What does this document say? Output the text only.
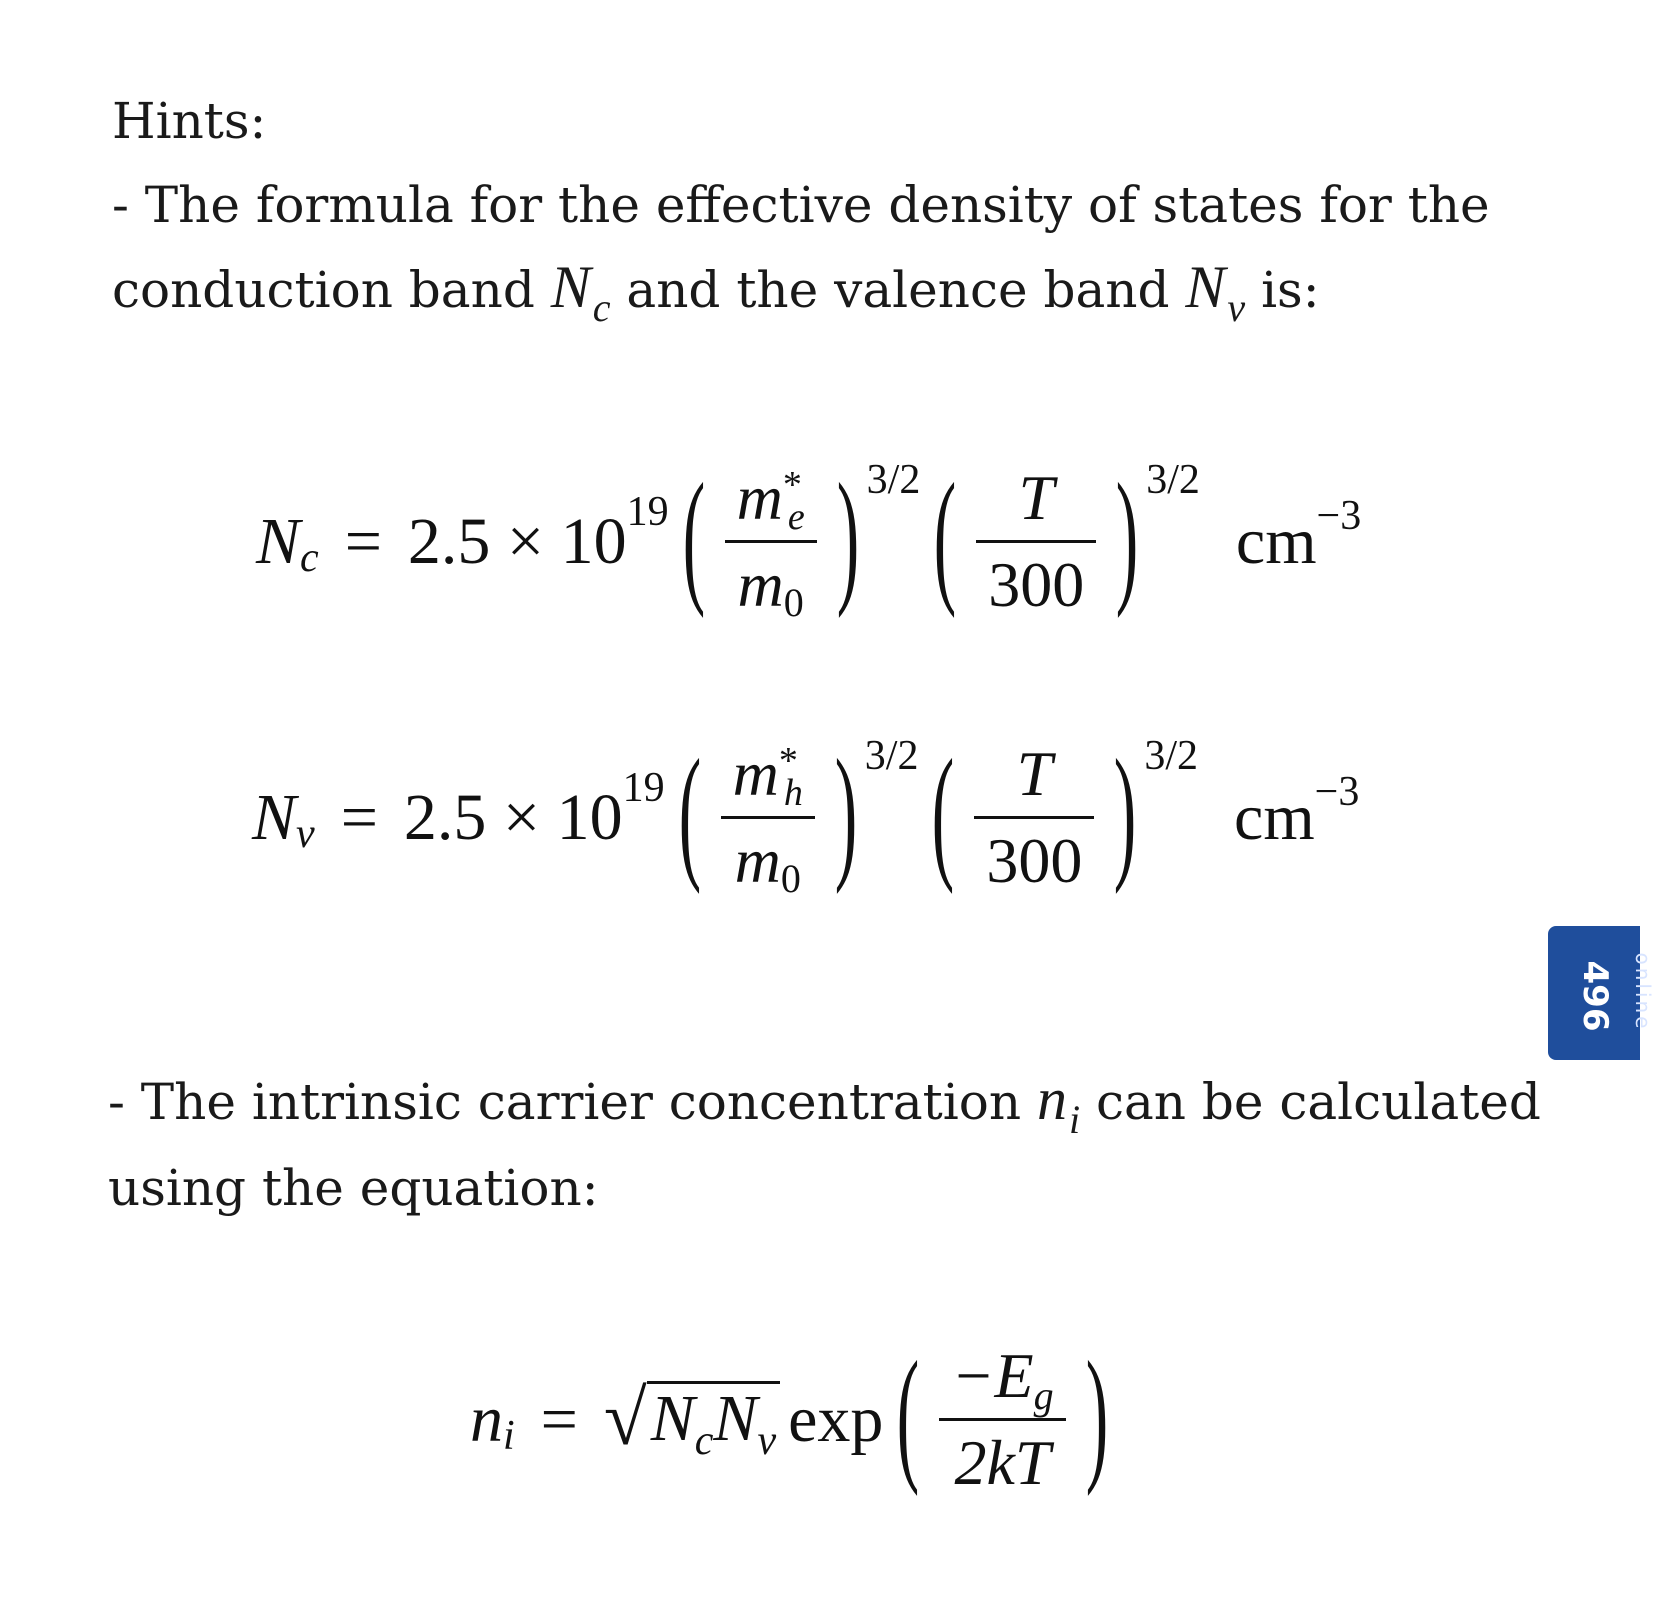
Hints:

- The formula for the effective density of states for the

conduction band $N_c$ and the valence band $N_v$ is:

N c = 2.5 × 10 19 ( $\frac{m^*e}{m0}$ ) 3/2 ( $\frac{T}{300}$ ) 3/2
cm −3
N v = 2.5 × 10 19 ( $\frac{m^*h}{m0}$ ) 3/2 ( $\frac{T}{300}$ ) 3/2
cm −3

- The intrinsic carrier concentration $n_i$ can be calculated

using the equation:

n i = √ $N_cN_v$ exp ( $\frac{-Eg}{2kT}$ )
496 online
